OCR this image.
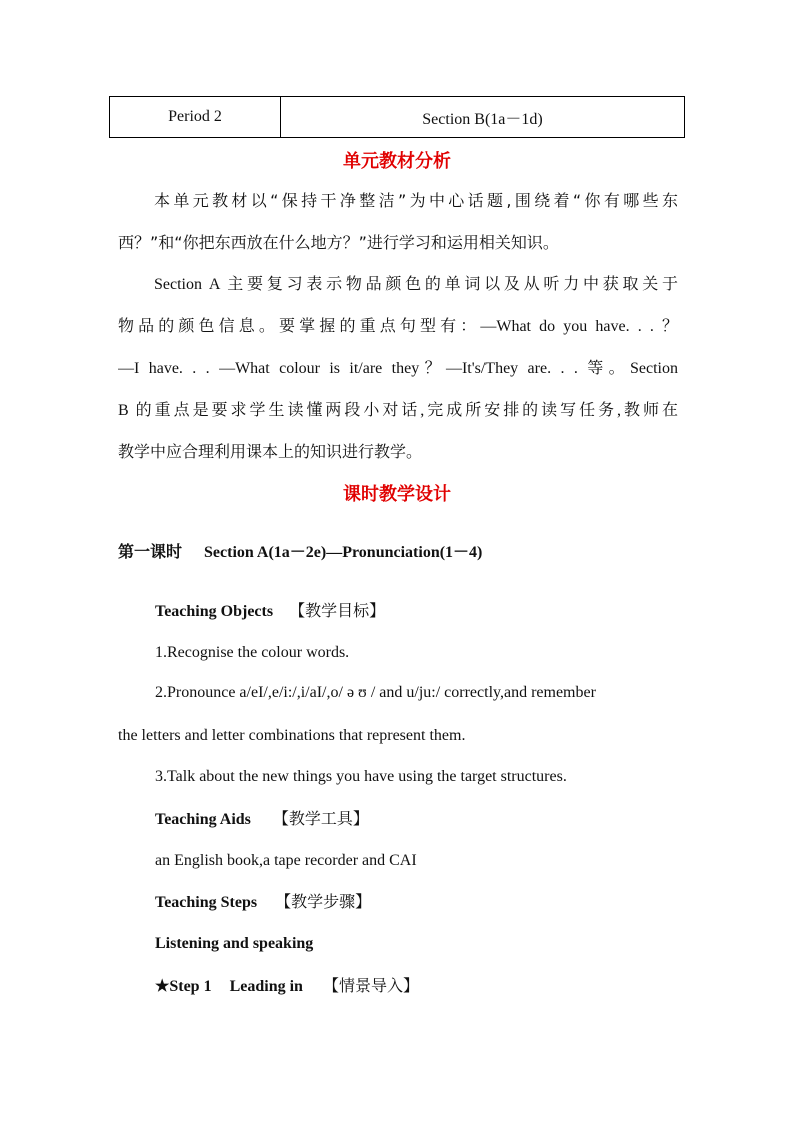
Period 2	Section B(1a－1d)
单元教材分析
本单元教材以“保持干净整洁”为中心话题,围绕着“你有哪些东
西？”和“你把东西放在什么地方？”进行学习和运用相关知识。
Section A 主要复习表示物品颜色的单词以及从听力中获取关于
物品的颜色信息。要掌握的重点句型有：—What do you have. . . ？
—I have. . . —What colour is it/are they？—It's/They are. . . 等。Section
B 的重点是要求学生读懂两段小对话,完成所安排的读写任务,教师在
教学中应合理利用课本上的知识进行教学。
课时教学设计
第一课时 Section A(1a－2e)—Pronunciation(1－4)
Teaching Objects 【教学目标】
1.Recognise the colour words.
2.Pronounce a/eI/,e/i:/,i/aI/,o/ ə ʊ / and u/ju:/ correctly,and remember
the letters and letter combinations that represent them.
3.Talk about the new things you have using the target structures.
Teaching Aids 【教学工具】
an English book,a tape recorder and CAI
Teaching Steps 【教学步骤】
Listening and speaking
★Step 1 Leading in 【情景导入】
